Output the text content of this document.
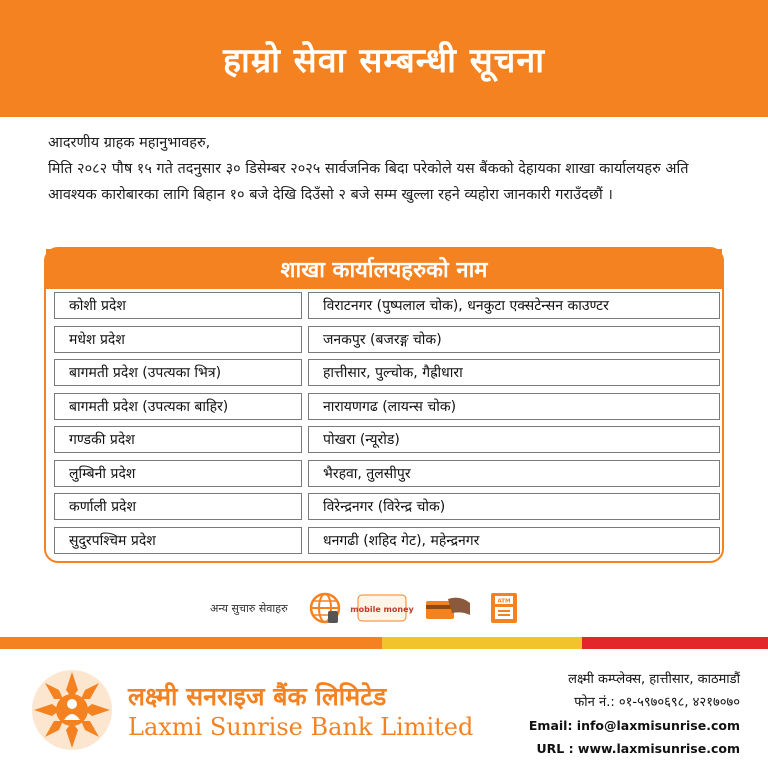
हाम्रो सेवा सम्बन्धी सूचना

आदरणीय ग्राहक महानुभावहरु,

मिति २०८२ पौष १५ गते तदनुसार ३० डिसेम्बर २०२५ सार्वजनिक बिदा परेकोले यस बैंकको देहायका शाखा कार्यालयहरु अति आवश्यक कारोबारका लागि बिहान १० बजे देखि दिउँसो २ बजे सम्म खुल्ला रहने व्यहोरा जानकारी गराउँदछौं ।

शाखा कार्यालयहरुको नाम
कोशी प्रदेश	विराटनगर (पुष्पलाल चोक), धनकुटा एक्सटेन्सन काउण्टर
मधेश प्रदेश	जनकपुर (बजरङ्ग चोक)
बागमती प्रदेश (उपत्यका भित्र)	हात्तीसार, पुल्चोक, गैह्रीधारा
बागमती प्रदेश (उपत्यका बाहिर)	नारायणगढ (लायन्स चोक)
गण्डकी प्रदेश	पोखरा (न्यूरोड)
लुम्बिनी प्रदेश	भैरहवा, तुलसीपुर
कर्णाली प्रदेश	विरेन्द्रनगर (विरेन्द्र चोक)
सुदुरपश्चिम प्रदेश	धनगढी (शहिद गेट), महेन्द्रनगर
अन्य सुचारु सेवाहरु	mobile money
ATM
लक्ष्मी सनराइज बैंक लिमिटेड
Laxmi Sunrise Bank Limited
लक्ष्मी कम्प्लेक्स, हात्तीसार, काठमाडौं
फोन नं.: ०१-५९७०६९८, ४२१७०७०
Email: info@laxmisunrise.com
URL : www.laxmisunrise.com
